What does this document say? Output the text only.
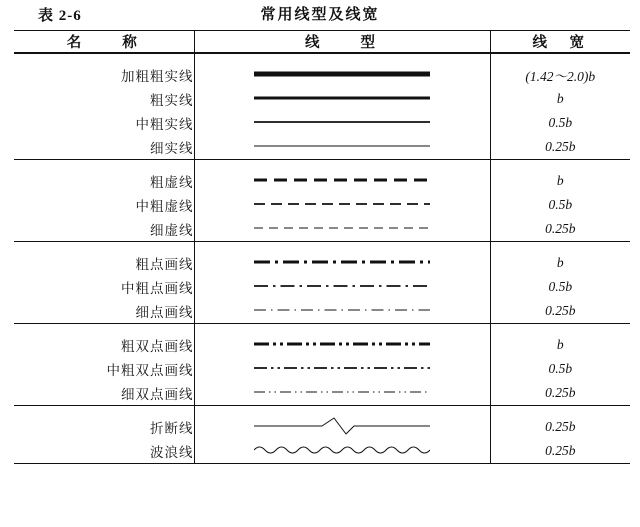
表 2-6	常用线型及线宽
名　　称	线　　型	线　宽

加粗粗实线		(1.42～2.0)b
粗实线		b
中粗实线		0.5b
细实线		0.25b

粗虚线		b
中粗虚线		0.5b
细虚线		0.25b

粗点画线		b
中粗点画线		0.5b
细点画线		0.25b

粗双点画线		b
中粗双点画线		0.5b
细双点画线		0.25b

折断线		0.25b
波浪线		0.25b
